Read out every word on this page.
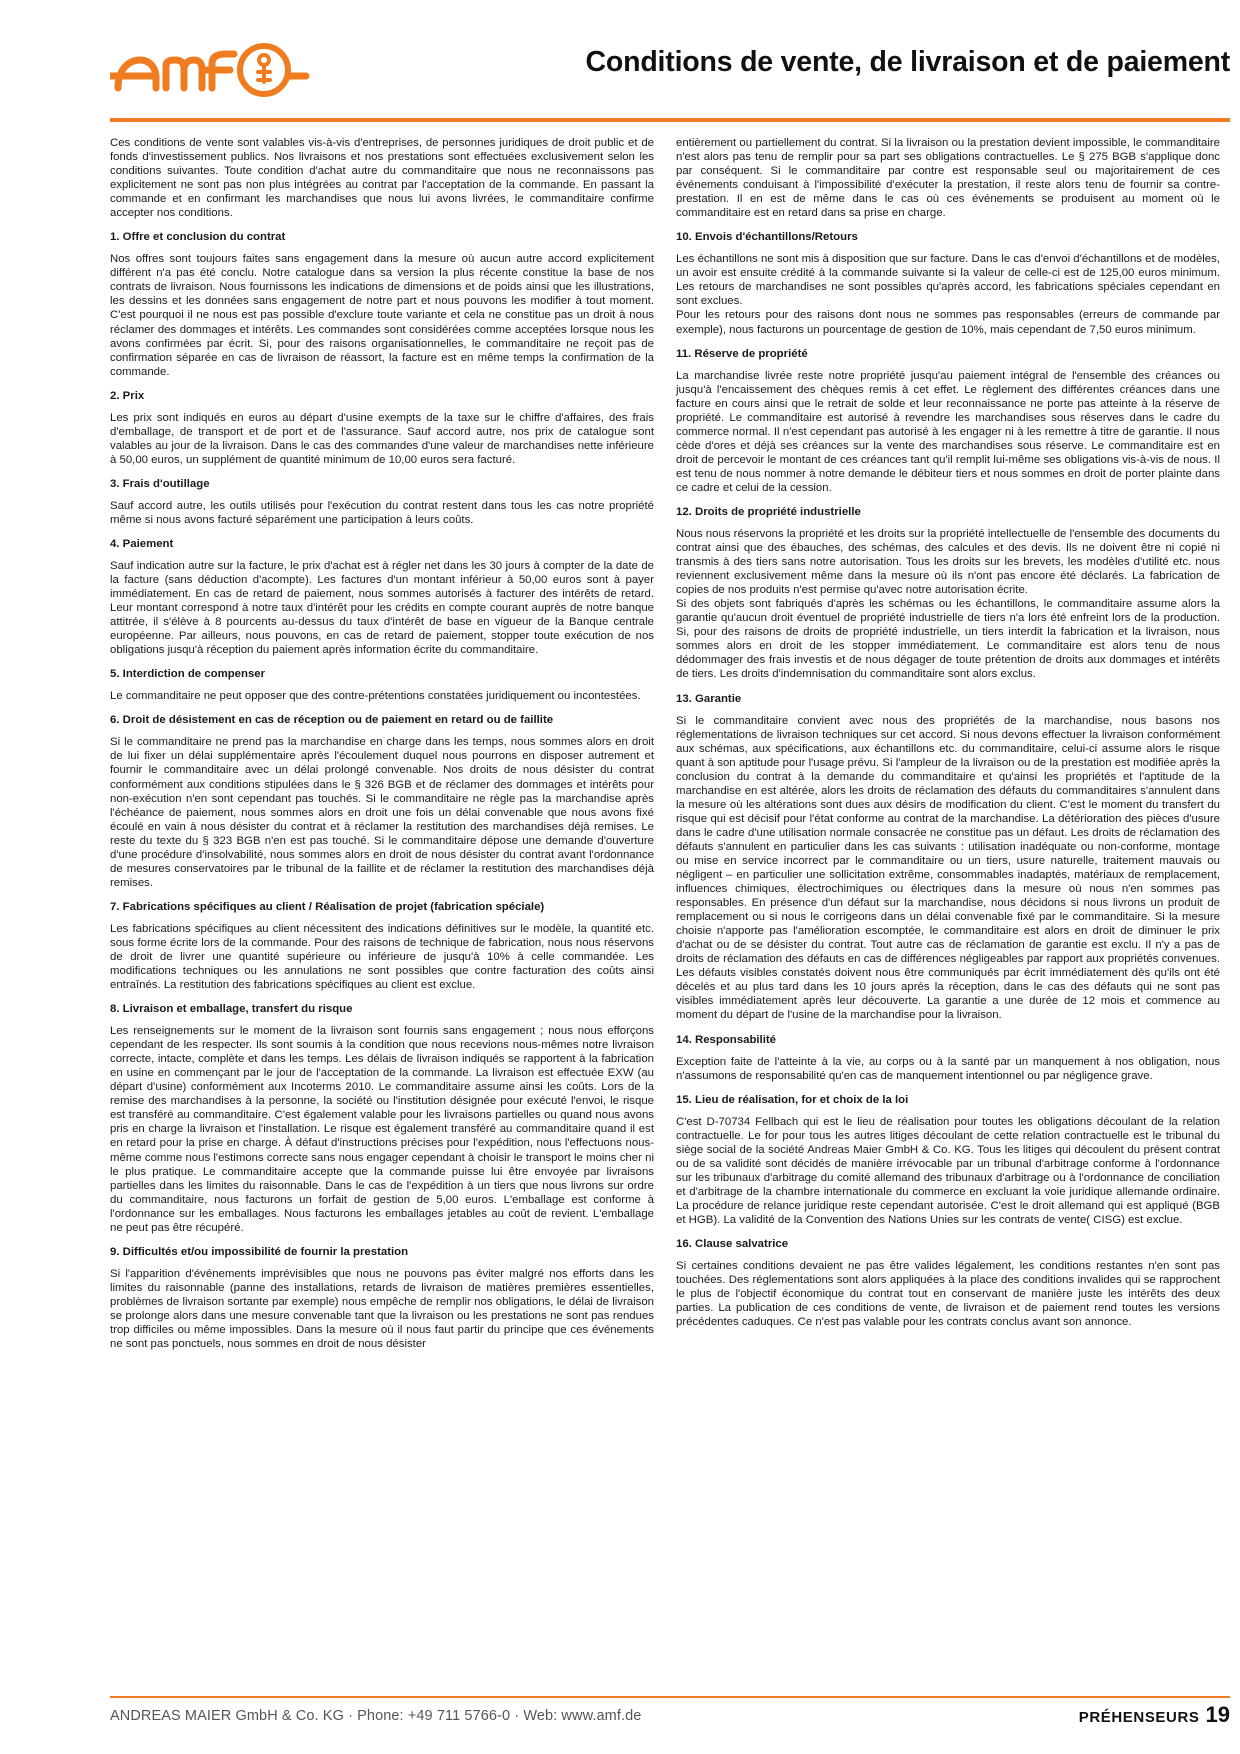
Conditions de vente, de livraison et de paiement

Ces conditions de vente sont valables vis-à-vis d'entreprises, de personnes juridiques de droit public et de fonds d'investissement publics. Nos livraisons et nos prestations sont effectuées exclusivement selon les conditions suivantes. Toute condition d'achat autre du commanditaire que nous ne reconnaissons pas explicitement ne sont pas non plus intégrées au contrat par l'acceptation de la commande. En passant la commande et en confirmant les marchandises que nous lui avons livrées, le commanditaire confirme accepter nos conditions.

1. Offre et conclusion du contrat

Nos offres sont toujours faites sans engagement dans la mesure où aucun autre accord explicitement différent n'a pas été conclu. Notre catalogue dans sa version la plus récente constitue la base de nos contrats de livraison. Nous fournissons les indications de dimensions et de poids ainsi que les illustrations, les dessins et les données sans engagement de notre part et nous pouvons les modifier à tout moment. C'est pourquoi il ne nous est pas possible d'exclure toute variante et cela ne constitue pas un droit à nous réclamer des dommages et intérêts. Les commandes sont considérées comme acceptées lorsque nous les avons confirmées par écrit. Si, pour des raisons organisationnelles, le commanditaire ne reçoit pas de confirmation séparée en cas de livraison de réassort, la facture est en même temps la confirmation de la commande.

2. Prix

Les prix sont indiqués en euros au départ d'usine exempts de la taxe sur le chiffre d'affaires, des frais d'emballage, de transport et de port et de l'assurance. Sauf accord autre, nos prix de catalogue sont valables au jour de la livraison. Dans le cas des commandes d'une valeur de marchandises nette inférieure à 50,00 euros, un supplément de quantité minimum de 10,00 euros sera facturé.

3. Frais d'outillage

Sauf accord autre, les outils utilisés pour l'exécution du contrat restent dans tous les cas notre propriété même si nous avons facturé séparément une participation à leurs coûts.

4. Paiement

Sauf indication autre sur la facture, le prix d'achat est à régler net dans les 30 jours à compter de la date de la facture (sans déduction d'acompte). Les factures d'un montant inférieur à 50,00 euros sont à payer immédiatement. En cas de retard de paiement, nous sommes autorisés à facturer des intérêts de retard. Leur montant correspond à notre taux d'intérêt pour les crédits en compte courant auprès de notre banque attitrée, il s'élève à 8 pourcents au-dessus du taux d'intérêt de base en vigueur de la Banque centrale européenne. Par ailleurs, nous pouvons, en cas de retard de paiement, stopper toute exécution de nos obligations jusqu'à réception du paiement après information écrite du commanditaire.

5. Interdiction de compenser

Le commanditaire ne peut opposer que des contre-prétentions constatées juridiquement ou incontestées.

6. Droit de désistement en cas de réception ou de paiement en retard ou de faillite

Si le commanditaire ne prend pas la marchandise en charge dans les temps, nous sommes alors en droit de lui fixer un délai supplémentaire après l'écoulement duquel nous pourrons en disposer autrement et fournir le commanditaire avec un délai prolongé convenable. Nos droits de nous désister du contrat conformément aux conditions stipulées dans le § 326 BGB et de réclamer des dommages et intérêts pour non-exécution n'en sont cependant pas touchés. Si le commanditaire ne règle pas la marchandise après l'échéance de paiement, nous sommes alors en droit une fois un délai convenable que nous avons fixé écoulé en vain à nous désister du contrat et à réclamer la restitution des marchandises déjà remises. Le reste du texte du § 323 BGB n'en est pas touché. Si le commanditaire dépose une demande d'ouverture d'une procédure d'insolvabilité, nous sommes alors en droit de nous désister du contrat avant l'ordonnance de mesures conservatoires par le tribunal de la faillite et de réclamer la restitution des marchandises déjà remises.

7. Fabrications spécifiques au client / Réalisation de projet (fabrication spéciale)

Les fabrications spécifiques au client nécessitent des indications définitives sur le modèle, la quantité etc. sous forme écrite lors de la commande. Pour des raisons de technique de fabrication, nous nous réservons de droit de livrer une quantité supérieure ou inférieure de jusqu'à 10% à celle commandée. Les modifications techniques ou les annulations ne sont possibles que contre facturation des coûts ainsi entraînés. La restitution des fabrications spécifiques au client est exclue.

8. Livraison et emballage, transfert du risque

Les renseignements sur le moment de la livraison sont fournis sans engagement ; nous nous efforçons cependant de les respecter. Ils sont soumis à la condition que nous recevions nous-mêmes notre livraison correcte, intacte, complète et dans les temps. Les délais de livraison indiqués se rapportent à la fabrication en usine en commençant par le jour de l'acceptation de la commande. La livraison est effectuée EXW (au départ d'usine) conformément aux Incoterms 2010. Le commanditaire assume ainsi les coûts. Lors de la remise des marchandises à la personne, la société ou l'institution désignée pour exécuté l'envoi, le risque est transféré au commanditaire. C'est également valable pour les livraisons partielles ou quand nous avons pris en charge la livraison et l'installation. Le risque est également transféré au commanditaire quand il est en retard pour la prise en charge. À défaut d'instructions précises pour l'expédition, nous l'effectuons nous-même comme nous l'estimons correcte sans nous engager cependant à choisir le transport le moins cher ni le plus pratique. Le commanditaire accepte que la commande puisse lui être envoyée par livraisons partielles dans les limites du raisonnable. Dans le cas de l'expédition à un tiers que nous livrons sur ordre du commanditaire, nous facturons un forfait de gestion de 5,00 euros. L'emballage est conforme à l'ordonnance sur les emballages. Nous facturons les emballages jetables au coût de revient. L'emballage ne peut pas être récupéré.

9. Difficultés et/ou impossibilité de fournir la prestation

Si l'apparition d'événements imprévisibles que nous ne pouvons pas éviter malgré nos efforts dans les limites du raisonnable (panne des installations, retards de livraison de matières premières essentielles, problèmes de livraison sortante par exemple) nous empêche de remplir nos obligations, le délai de livraison se prolonge alors dans une mesure convenable tant que la livraison ou les prestations ne sont pas rendues trop difficiles ou même impossibles. Dans la mesure où il nous faut partir du principe que ces événements ne sont pas ponctuels, nous sommes en droit de nous désister

entièrement ou partiellement du contrat. Si la livraison ou la prestation devient impossible, le commanditaire n'est alors pas tenu de remplir pour sa part ses obligations contractuelles. Le § 275 BGB s'applique donc par conséquent. Si le commanditaire par contre est responsable seul ou majoritairement de ces événements conduisant à l'impossibilité d'exécuter la prestation, il reste alors tenu de fournir sa contre-prestation. Il en est de même dans le cas où ces événements se produisent au moment où le commanditaire est en retard dans sa prise en charge.

10. Envois d'échantillons/Retours

Les échantillons ne sont mis à disposition que sur facture. Dans le cas d'envoi d'échantillons et de modèles, un avoir est ensuite crédité à la commande suivante si la valeur de celle-ci est de 125,00 euros minimum. Les retours de marchandises ne sont possibles qu'après accord, les fabrications spéciales cependant en sont exclues.

Pour les retours pour des raisons dont nous ne sommes pas responsables (erreurs de commande par exemple), nous facturons un pourcentage de gestion de 10%, mais cependant de 7,50 euros minimum.

11. Réserve de propriété

La marchandise livrée reste notre propriété jusqu'au paiement intégral de l'ensemble des créances ou jusqu'à l'encaissement des chèques remis à cet effet. Le règlement des différentes créances dans une facture en cours ainsi que le retrait de solde et leur reconnaissance ne porte pas atteinte à la réserve de propriété. Le commanditaire est autorisé à revendre les marchandises sous réserves dans le cadre du commerce normal. Il n'est cependant pas autorisé à les engager ni à les remettre à titre de garantie. Il nous cède d'ores et déjà ses créances sur la vente des marchandises sous réserve. Le commanditaire est en droit de percevoir le montant de ces créances tant qu'il remplit lui-même ses obligations vis-à-vis de nous. Il est tenu de nous nommer à notre demande le débiteur tiers et nous sommes en droit de porter plainte dans ce cadre et celui de la cession.

12. Droits de propriété industrielle

Nous nous réservons la propriété et les droits sur la propriété intellectuelle de l'ensemble des documents du contrat ainsi que des ébauches, des schémas, des calcules et des devis. Ils ne doivent être ni copié ni transmis à des tiers sans notre autorisation. Tous les droits sur les brevets, les modèles d'utilité etc. nous reviennent exclusivement même dans la mesure où ils n'ont pas encore été déclarés. La fabrication de copies de nos produits n'est permise qu'avec notre autorisation écrite.

Si des objets sont fabriqués d'après les schémas ou les échantillons, le commanditaire assume alors la garantie qu'aucun droit éventuel de propriété industrielle de tiers n'a lors été enfreint lors de la production. Si, pour des raisons de droits de propriété industrielle, un tiers interdit la fabrication et la livraison, nous sommes alors en droit de les stopper immédiatement. Le commanditaire est alors tenu de nous dédommager des frais investis et de nous dégager de toute prétention de droits aux dommages et intérêts de tiers. Les droits d'indemnisation du commanditaire sont alors exclus.

13. Garantie

Si le commanditaire convient avec nous des propriétés de la marchandise, nous basons nos réglementations de livraison techniques sur cet accord. Si nous devons effectuer la livraison conformément aux schémas, aux spécifications, aux échantillons etc. du commanditaire, celui-ci assume alors le risque quant à son aptitude pour l'usage prévu. Si l'ampleur de la livraison ou de la prestation est modifiée après la conclusion du contrat à la demande du commanditaire et qu'ainsi les propriétés et l'aptitude de la marchandise en est altérée, alors les droits de réclamation des défauts du commanditaires s'annulent dans la mesure où les altérations sont dues aux désirs de modification du client. C'est le moment du transfert du risque qui est décisif pour l'état conforme au contrat de la marchandise. La détérioration des pièces d'usure dans le cadre d'une utilisation normale consacrée ne constitue pas un défaut. Les droits de réclamation des défauts s'annulent en particulier dans les cas suivants : utilisation inadéquate ou non-conforme, montage ou mise en service incorrect par le commanditaire ou un tiers, usure naturelle, traitement mauvais ou négligent – en particulier une sollicitation extrême, consommables inadaptés, matériaux de remplacement, influences chimiques, électrochimiques ou électriques dans la mesure où nous n'en sommes pas responsables. En présence d'un défaut sur la marchandise, nous décidons si nous livrons un produit de remplacement ou si nous le corrigeons dans un délai convenable fixé par le commanditaire. Si la mesure choisie n'apporte pas l'amélioration escomptée, le commanditaire est alors en droit de diminuer le prix d'achat ou de se désister du contrat. Tout autre cas de réclamation de garantie est exclu. Il n'y a pas de droits de réclamation des défauts en cas de différences négligeables par rapport aux propriétés convenues. Les défauts visibles constatés doivent nous être communiqués par écrit immédiatement dès qu'ils ont été décelés et au plus tard dans les 10 jours après la réception, dans le cas des défauts qui ne sont pas visibles immédiatement après leur découverte. La garantie a une durée de 12 mois et commence au moment du départ de l'usine de la marchandise pour la livraison.

14. Responsabilité

Exception faite de l'atteinte à la vie, au corps ou à la santé par un manquement à nos obligation, nous n'assumons de responsabilité qu'en cas de manquement intentionnel ou par négligence grave.

15. Lieu de réalisation, for et choix de la loi

C'est D-70734 Fellbach qui est le lieu de réalisation pour toutes les obligations découlant de la relation contractuelle. Le for pour tous les autres litiges découlant de cette relation contractuelle est le tribunal du siège social de la société Andreas Maier GmbH & Co. KG. Tous les litiges qui découlent du présent contrat ou de sa validité sont décidés de manière irrévocable par un tribunal d'arbitrage conforme à l'ordonnance sur les tribunaux d'arbitrage du comité allemand des tribunaux d'arbitrage ou à l'ordonnance de conciliation et d'arbitrage de la chambre internationale du commerce en excluant la voie juridique allemande ordinaire. La procédure de relance juridique reste cependant autorisée. C'est le droit allemand qui est appliqué (BGB et HGB). La validité de la Convention des Nations Unies sur les contrats de vente( CISG) est exclue.

16. Clause salvatrice

Si certaines conditions devaient ne pas être valides légalement, les conditions restantes n'en sont pas touchées. Des réglementations sont alors appliquées à la place des conditions invalides qui se rapprochent le plus de l'objectif économique du contrat tout en conservant de manière juste les intérêts des deux parties. La publication de ces conditions de vente, de livraison et de paiement rend toutes les versions précédentes caduques. Ce n'est pas valable pour les contrats conclus avant son annonce.

ANDREAS MAIER GmbH & Co. KG · Phone: +49 711 5766-0 · Web: www.amf.de	PRÉHENSEURS 19
